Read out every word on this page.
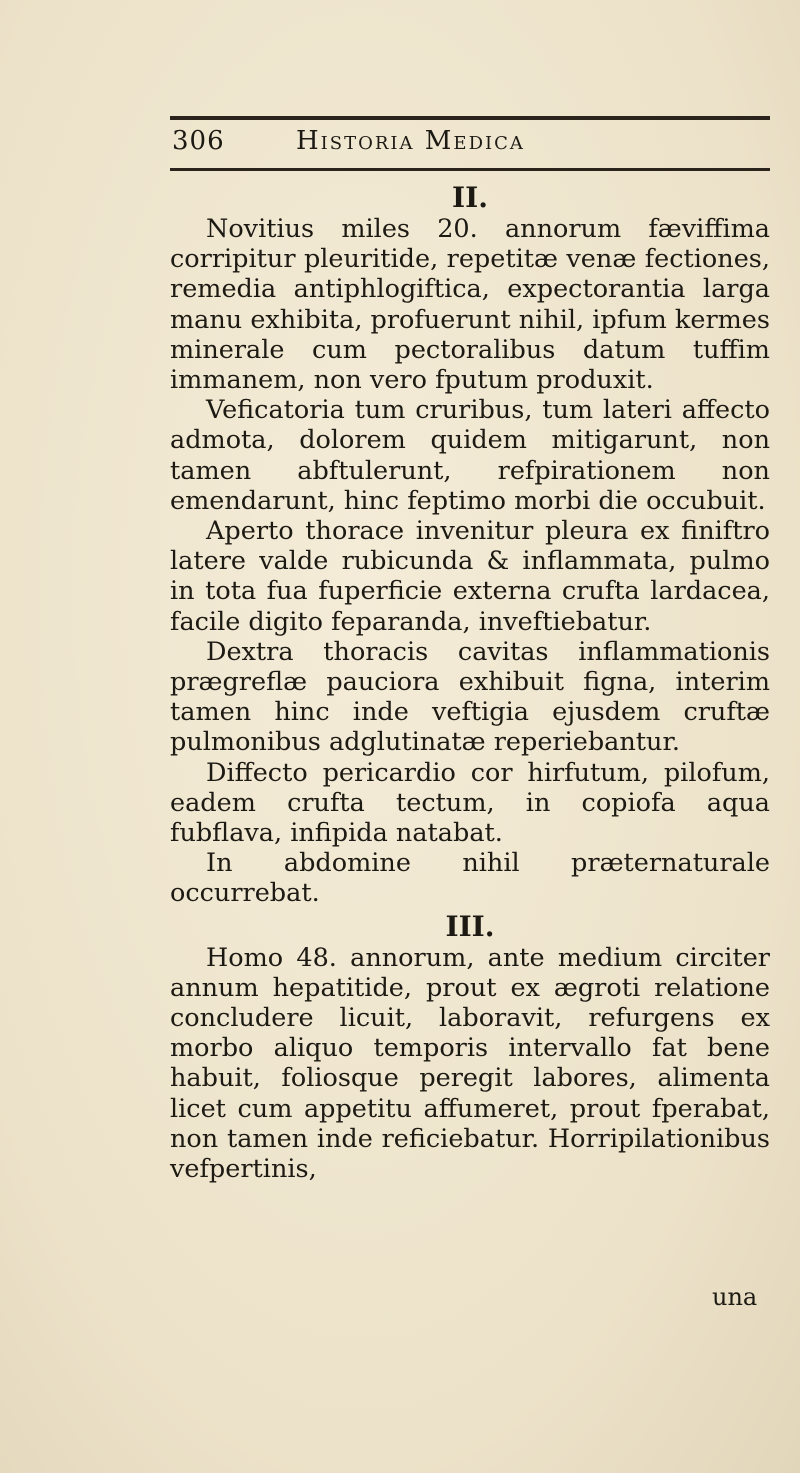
306	Historia Medica
II.

Novitius miles 20. annorum fæviffima corripitur pleuritide, repetitæ venæ fectiones, remedia antiphlogiftica, expectorantia larga manu exhibita, profuerunt nihil, ipfum kermes minerale cum pectoralibus datum tuffim immanem, non vero fputum produxit.

Veficatoria tum cruribus, tum lateri affecto admota, dolorem quidem mitigarunt, non tamen abftulerunt, refpirationem non emendarunt, hinc feptimo morbi die occubuit.

Aperto thorace invenitur pleura ex finiftro latere valde rubicunda & inflammata, pulmo in tota fua fuperficie externa crufta lardacea, facile digito feparanda, inveftiebatur.

Dextra thoracis cavitas inflammationis prægreflæ pauciora exhibuit figna, interim tamen hinc inde veftigia ejusdem cruftæ pulmonibus adglutinatæ reperiebantur.

Diffecto pericardio cor hirfutum, pilofum, eadem crufta tectum, in copiofa aqua fubflava, infipida natabat.

In abdomine nihil præternaturale occurrebat.

III.

Homo 48. annorum, ante medium circiter annum hepatitide, prout ex ægroti relatione concludere licuit, laboravit, refurgens ex morbo aliquo temporis intervallo fat bene habuit, foliosque peregit labores, alimenta licet cum appetitu affumeret, prout fperabat, non tamen inde reficiebatur. Horripilationibus vefpertinis,

una
